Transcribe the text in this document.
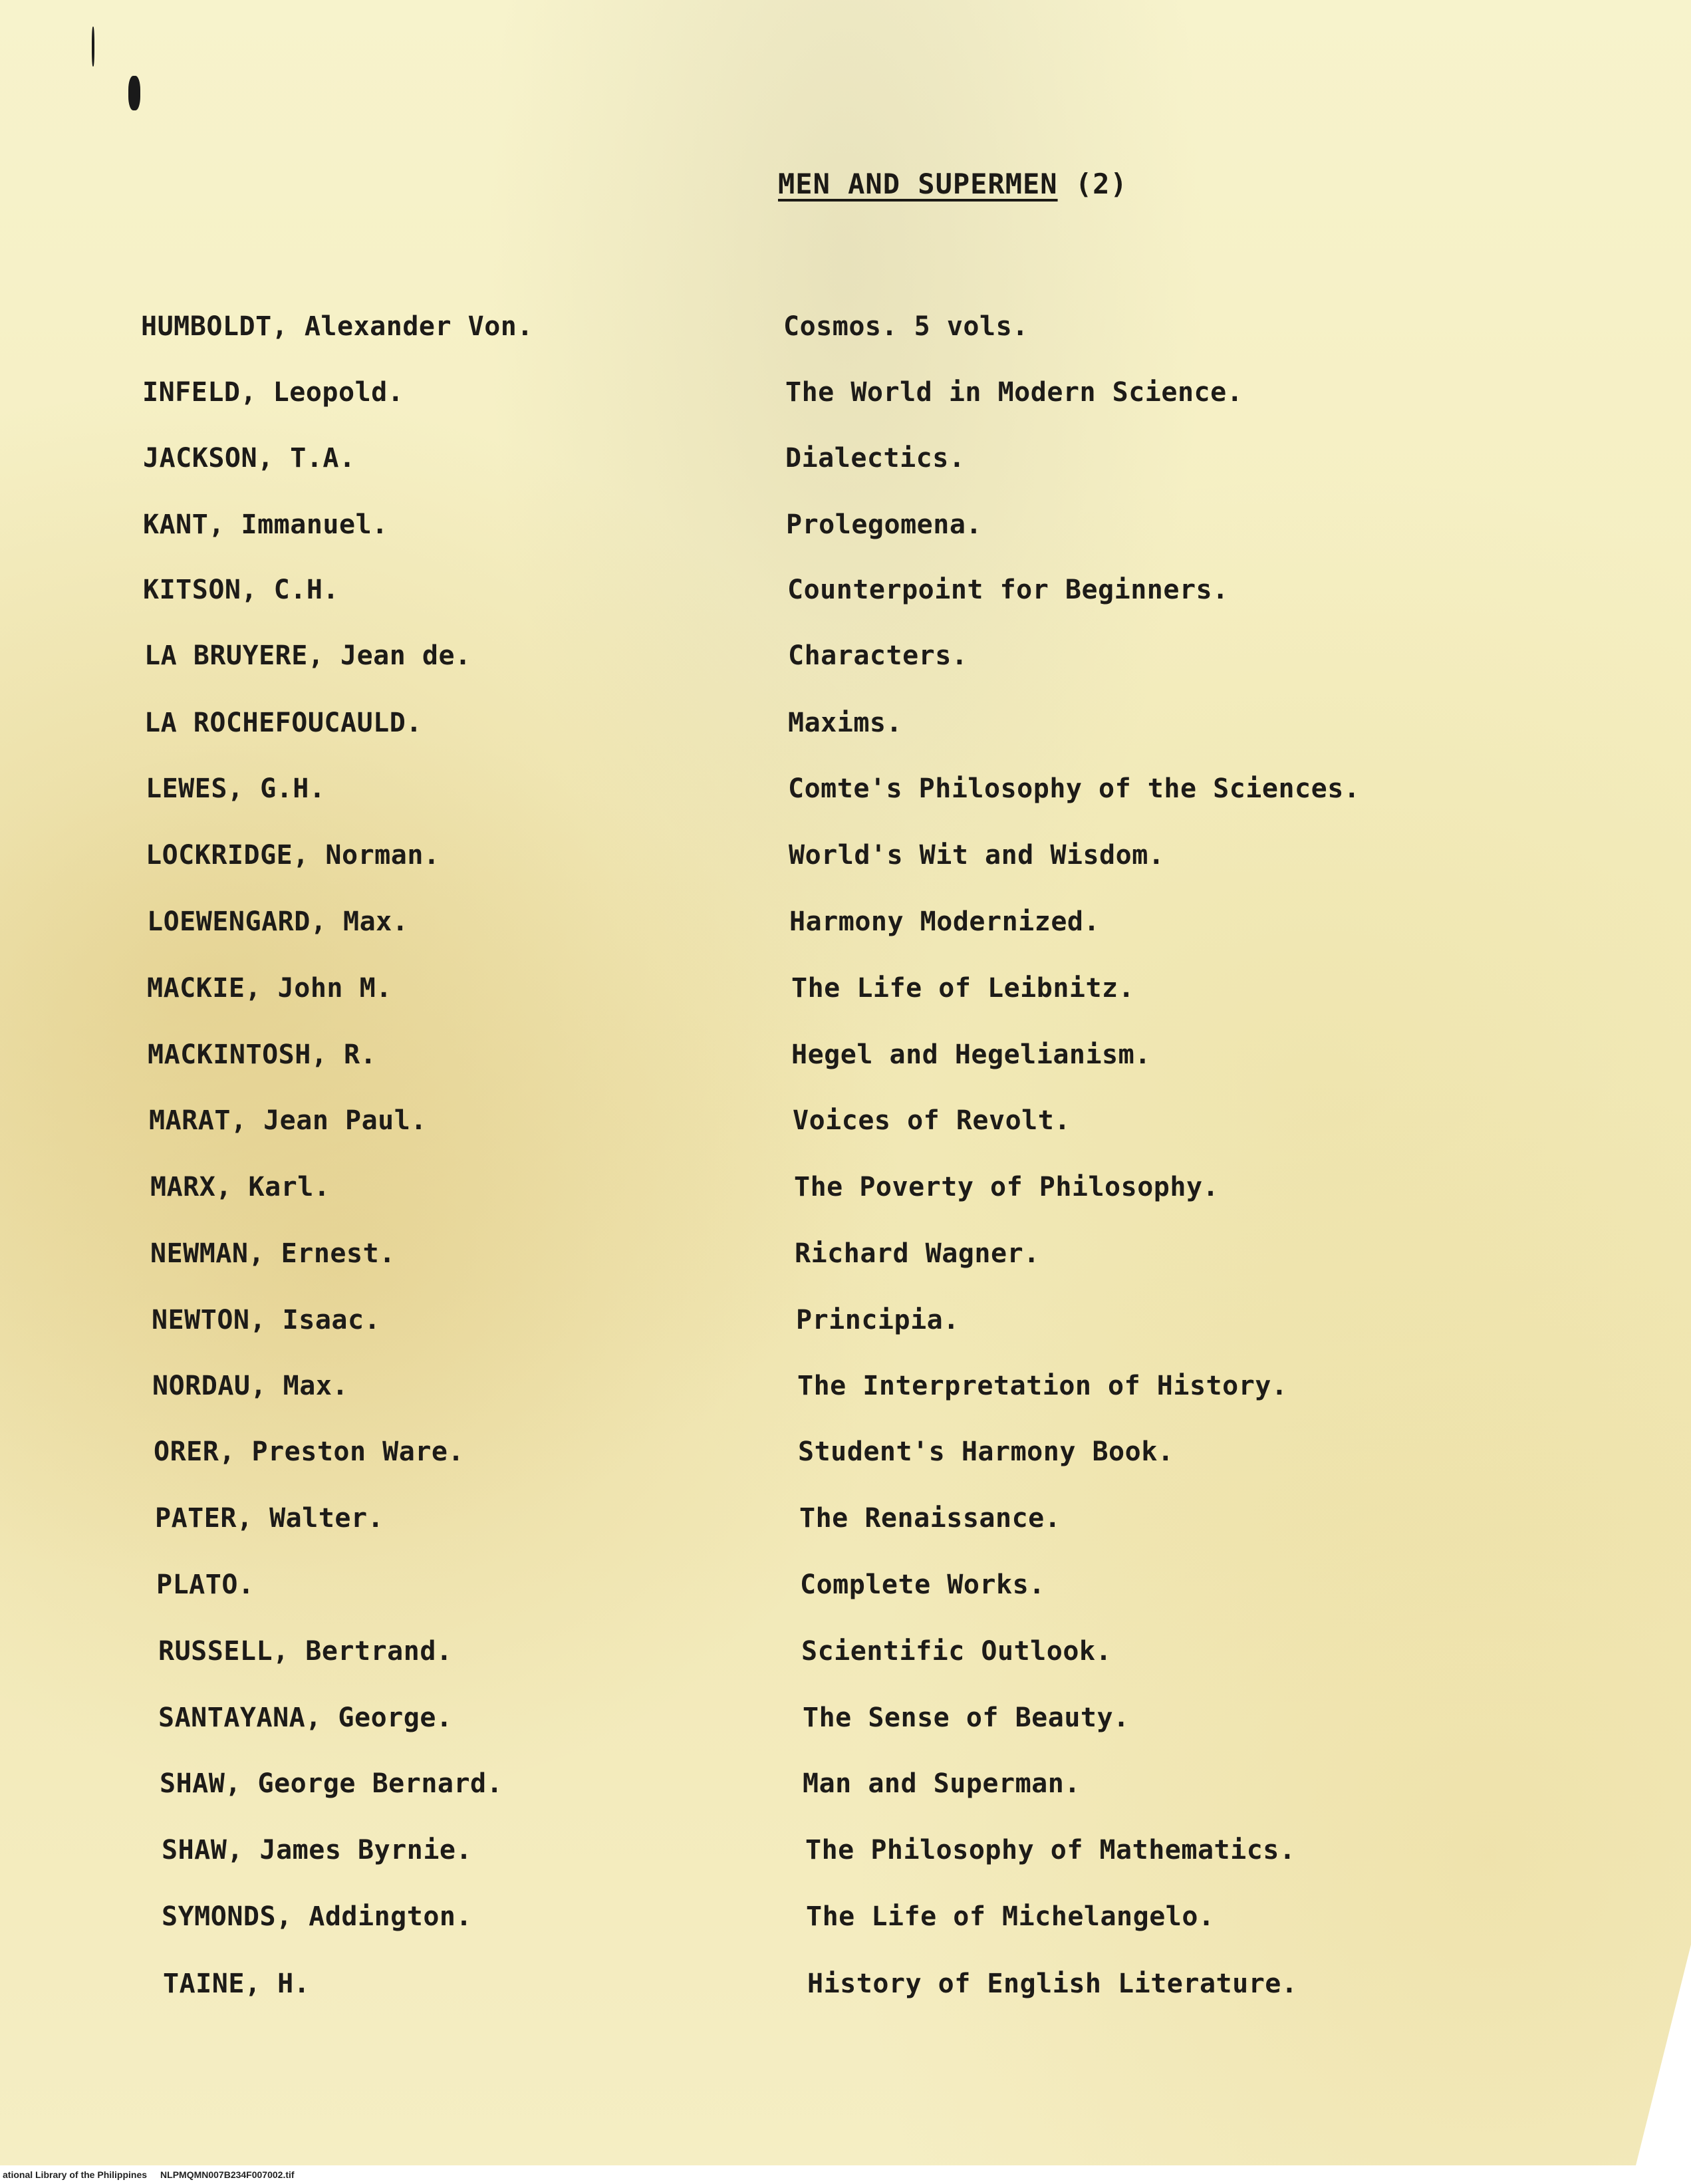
MEN AND SUPERMEN (2)
HUMBOLDT, Alexander Von.	Cosmos. 5 vols.
INFELD, Leopold.	The World in Modern Science.
JACKSON, T.A.	Dialectics.
KANT, Immanuel.	Prolegomena.
KITSON, C.H.	Counterpoint for Beginners.
LA BRUYERE, Jean de.	Characters.
LA ROCHEFOUCAULD.	Maxims.
LEWES, G.H.	Comte's Philosophy of the Sciences.
LOCKRIDGE, Norman.	World's Wit and Wisdom.
LOEWENGARD, Max.	Harmony Modernized.
MACKIE, John M.	The Life of Leibnitz.
MACKINTOSH, R.	Hegel and Hegelianism.
MARAT, Jean Paul.	Voices of Revolt.
MARX, Karl.	The Poverty of Philosophy.
NEWMAN, Ernest.	Richard Wagner.
NEWTON, Isaac.	Principia.
NORDAU, Max.	The Interpretation of History.
ORER, Preston Ware.	Student's Harmony Book.
PATER, Walter.	The Renaissance.
PLATO.	Complete Works.
RUSSELL, Bertrand.	Scientific Outlook.
SANTAYANA, George.	The Sense of Beauty.
SHAW, George Bernard.	Man and Superman.
SHAW, James Byrnie.	The Philosophy of Mathematics.
SYMONDS, Addington.	The Life of Michelangelo.
TAINE, H.	History of English Literature.
ational Library of the Philippines NLPMQMN007B234F007002.tif
